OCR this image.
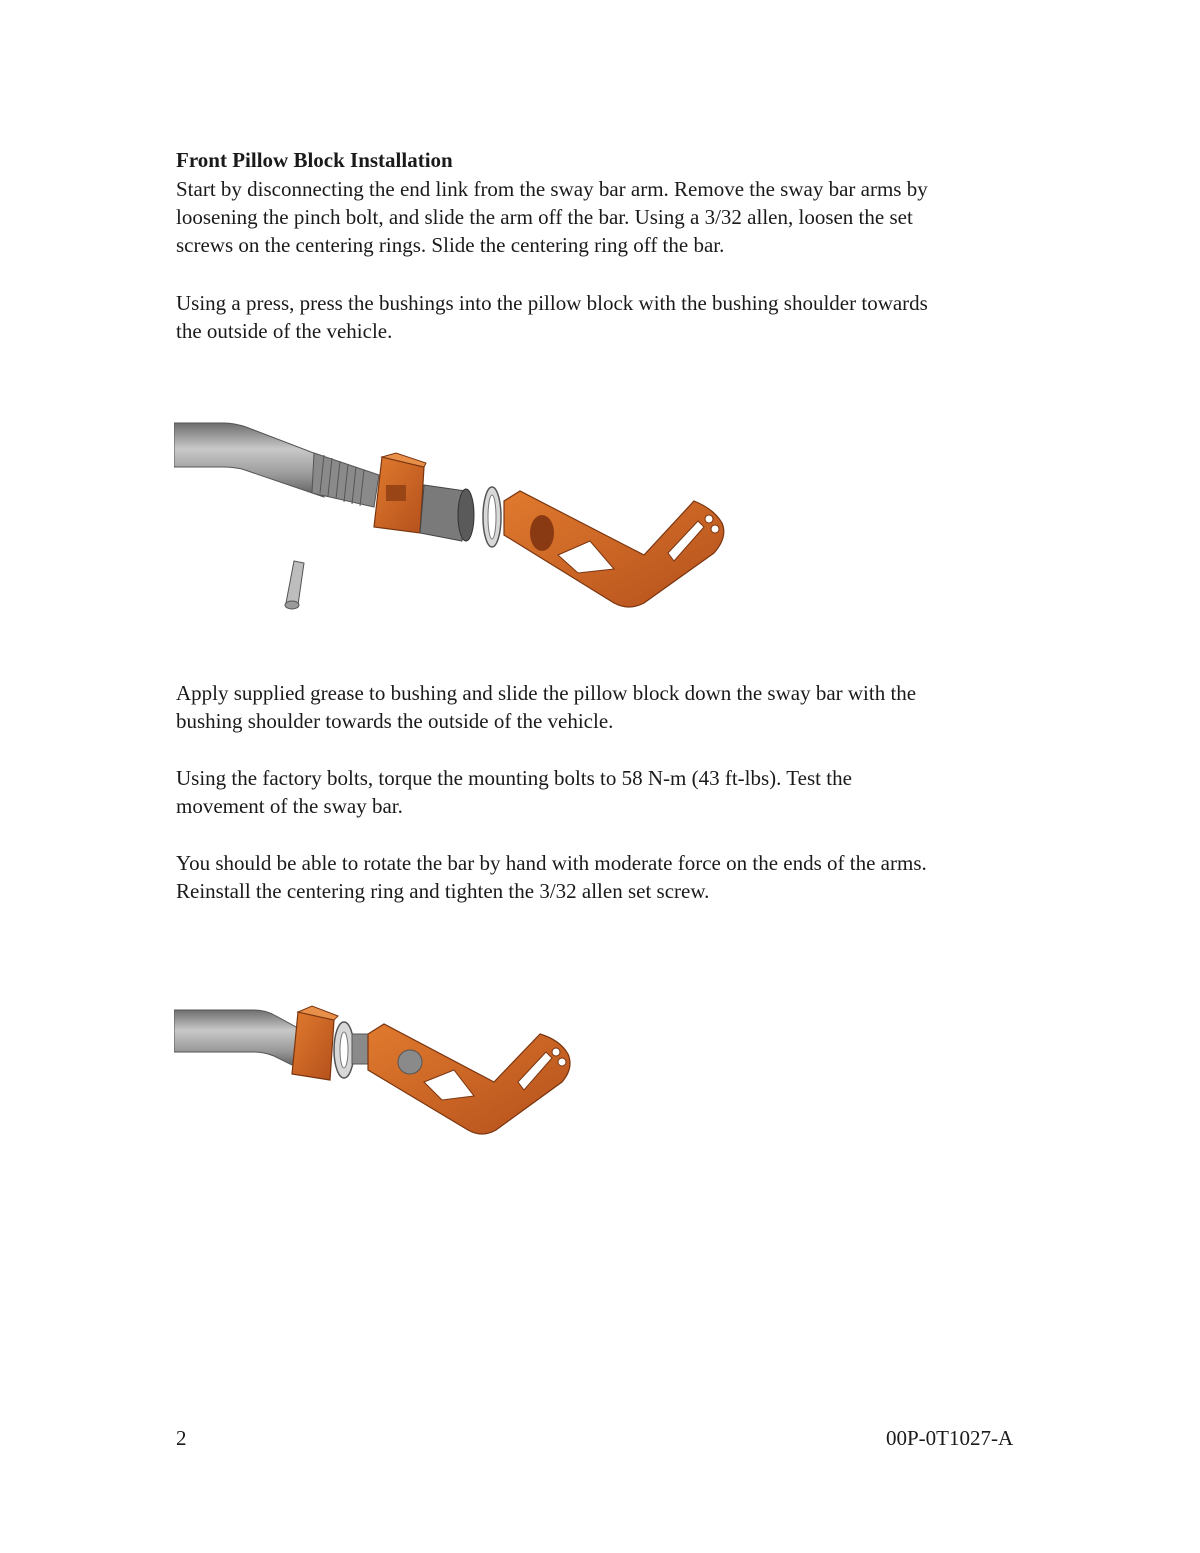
Front Pillow Block Installation

Start by disconnecting the end link from the sway bar arm. Remove the sway bar arms by
loosening the pinch bolt, and slide the arm off the bar. Using a 3/32 allen, loosen the set
screws on the centering rings. Slide the centering ring off the bar.

Using a press, press the bushings into the pillow block with the bushing shoulder towards
the outside of the vehicle.

Apply supplied grease to bushing and slide the pillow block down the sway bar with the
bushing shoulder towards the outside of the vehicle.

Using the factory bolts, torque the mounting bolts to 58 N-m (43 ft-lbs). Test the
movement of the sway bar.

You should be able to rotate the bar by hand with moderate force on the ends of the arms.
Reinstall the centering ring and tighten the 3/32 allen set screw.

2	00P-0T1027-A
